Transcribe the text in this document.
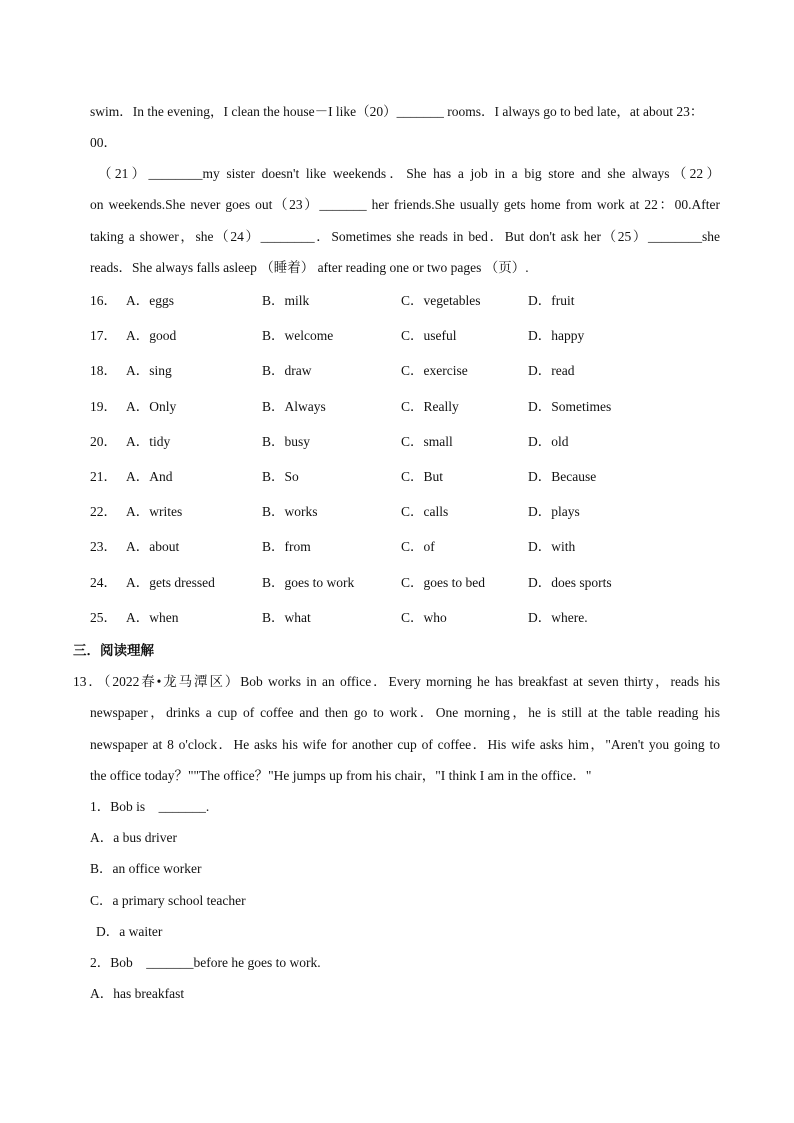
swim．In the evening，I clean the house－I like（20）_______ rooms．I always go to bed late，at about 23：
00．
（21）________my sister doesn't like weekends．She has a job in a big store and she always（22）
on weekends.She never goes out（23）_______ her friends.She usually gets home from work at 22：00.After
taking a shower，she（24）________．Sometimes she reads in bed．But don't ask her（25）________she
reads．She always falls asleep （睡着） after reading one or two pages （页）.
16． A．eggs	B．milk	C．vegetables	D．fruit
17． A．good	B．welcome	C．useful	D．happy
18． A．sing	B．draw	C．exercise	D．read
19． A．Only	B．Always	C．Really	D．Sometimes
20． A．tidy	B．busy	C．small	D．old
21． A．And	B．So	C．But	D．Because
22． A．writes	B．works	C．calls	D．plays
23． A．about	B．from	C．of	D．with
24． A．gets dressed	B．goes to work	C．goes to bed	D．does sports
25． A．when	B．what	C．who	D．where.
三．阅读理解
13．（2022春•龙马潭区）Bob works in an office．Every morning he has breakfast at seven thirty，reads his
newspaper，drinks a cup of coffee and then go to work．One morning，he is still at the table reading his
newspaper at 8 o'clock．He asks his wife for another cup of coffee．His wife asks him，"Aren't you going to
the office today？""The office？"He jumps up from his chair，"I think I am in the office．"
1．Bob is　_______.
A．a bus driver
B．an office worker
C．a primary school teacher
D．a waiter
2．Bob　_______before he goes to work.
A．has breakfast
